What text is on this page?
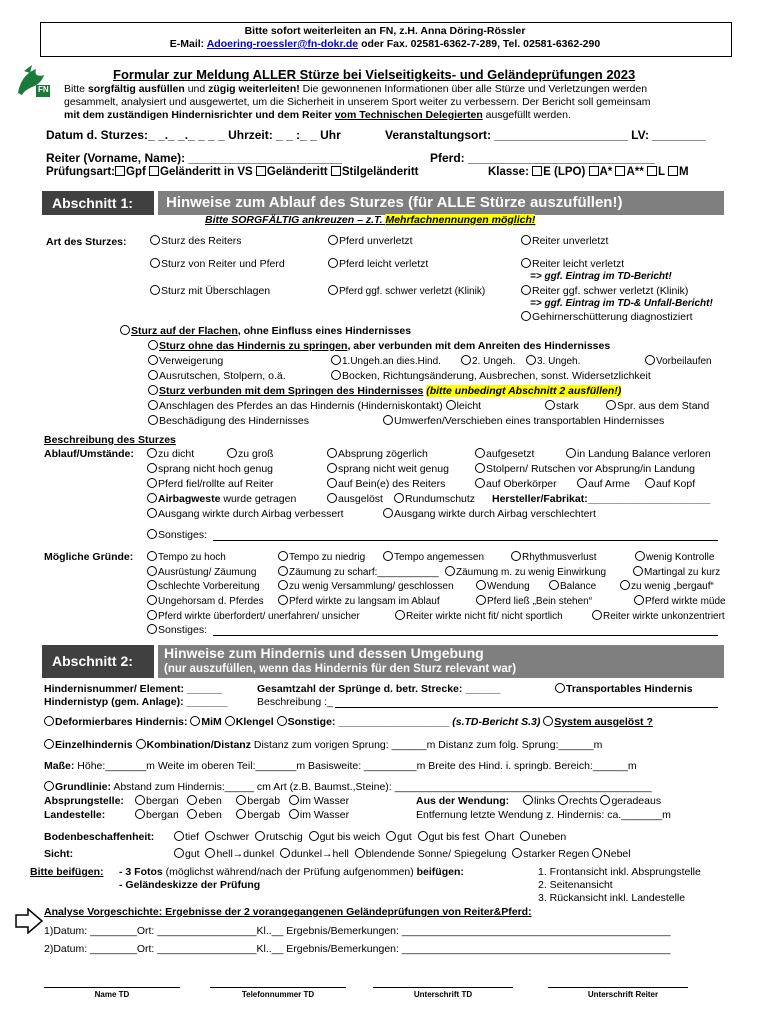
Bitte sofort weiterleiten an FN, z.H. Anna Döring-Rössler
E-Mail: Adoering-roessler@fn-dokr.de oder Fax. 02581-6362-7-289, Tel. 02581-6362-290
FN
Formular zur Meldung ALLER Stürze bei Vielseitigkeits- und Geländeprüfungen 2023
Bitte sorgfältig ausfüllen und zügig weiterleiten! Die gewonnenen Informationen über alle Stürze und Verletzungen werden
gesammelt, analysiert und ausgewertet, um die Sicherheit in unserem Sport weiter zu verbessern. Der Bericht soll gemeinsam
mit dem zuständigen Hindernisrichter und dem Reiter vom Technischen Delegierten ausgefüllt werden.
Datum d. Sturzes:_ _._ _._ _ _ _ Uhrzeit: _ _ :_ _ Uhr	Veranstaltungsort: ____________________ LV: ________
Reiter (Vorname, Name): _______________________	Pferd: ____________________________
Prüfungsart: Gpf Geländeritt in VS Geländeritt Stilgeländeritt	Klasse: E (LPO) A* A** L M
Abschnitt 1:	Hinweise zum Ablauf des Sturzes (für ALLE Stürze auszufüllen!)
Bitte SORGFÄLTIG ankreuzen – z.T. Mehrfachnennungen möglich!
Art des Sturzes:	Sturz des Reiters	Pferd unverletzt	Reiter unverletzt
Sturz von Reiter und Pferd	Pferd leicht verletzt	Reiter leicht verletzt
=> ggf. Eintrag im TD-Bericht!
Sturz mit Überschlagen	Pferd ggf. schwer verletzt (Klinik)	Reiter ggf. schwer verletzt (Klinik)
=> ggf. Eintrag im TD-& Unfall-Bericht!
Gehirnerschütterung diagnostiziert
Sturz auf der Flachen, ohne Einfluss eines Hindernisses
Sturz ohne das Hindernis zu springen, aber verbunden mit dem Anreiten des Hindernisses
Verweigerung	1.Ungeh.an dies.Hind.	2. Ungeh.	3. Ungeh.	Vorbeilaufen
Ausrutschen, Stolpern, o.ä.	Bocken, Richtungsänderung, Ausbrechen, sonst. Widersetzlichkeit
Sturz verbunden mit dem Springen des Hindernisses (bitte unbedingt Abschnitt 2 ausfüllen!)
Anschlagen des Pferdes an das Hindernis (Hinderniskontakt) leicht	stark	Spr. aus dem Stand
Beschädigung des Hindernisses	Umwerfen/Verschieben eines transportablen Hindernisses
Beschreibung des Sturzes
Ablauf/Umstände:	zu dicht	zu groß	Absprung zögerlich	aufgesetzt	in Landung Balance verloren
sprang nicht hoch genug	sprang nicht weit genug	Stolpern/ Rutschen vor Absprung/in Landung
Pferd fiel/rollte auf Reiter	auf Bein(e) des Reiters	auf Oberkörper	auf Arme	auf Kopf
Airbagweste wurde getragen	ausgelöst	Rundumschutz Hersteller/Fabrikat:_____________________
Ausgang wirkte durch Airbag verbessert	Ausgang wirkte durch Airbag verschlechtert
Sonstiges:
Mögliche Gründe:	Tempo zu hoch	Tempo zu niedrig	Tempo angemessen	Rhythmusverlust	wenig Kontrolle
Ausrüstung/ Zäumung	Zäumung zu scharf:___________	Zäumung m. zu wenig Einwirkung	Martingal zu kurz
schlechte Vorbereitung	zu wenig Versammlung/ geschlossen	Wendung	Balance	zu wenig „bergauf“
Ungehorsam d. Pferdes	Pferd wirkte zu langsam im Ablauf	Pferd ließ „Bein stehen“	Pferd wirkte müde
Pferd wirkte überfordert/ unerfahren/ unsicher	Reiter wirkte nicht fit/ nicht sportlich	Reiter wirkte unkonzentriert
Sonstiges:
Abschnitt 2:	Hinweise zum Hindernis und dessen Umgebung
(nur auszufüllen, wenn das Hindernis für den Sturz relevant war)
Hindernisnummer/ Element: ______	Gesamtzahl der Sprünge d. betr. Strecke: ______	Transportables Hindernis
Hindernistyp (gem. Anlage): _______	Beschreibung :_
Deformierbares Hindernis: MiM Klengel Sonstige: ___________________ (s.TD-Bericht S.3) System ausgelöst ?
Einzelhindernis Kombination/Distanz Distanz zum vorigen Sprung: ______m Distanz zum folg. Sprung:______m
Maße: Höhe:_______m Weite im oberen Teil:_______m Basisweite: _________m Breite des Hind. i. springb. Bereich:______m
Grundlinie: Abstand zum Hindernis:_____ cm Art (z.B. Baumst.,Steine): ____________________________________________
Absprungstelle:	bergan eben bergab im Wasser	Aus der Wendung:	links rechts geradeaus
Landestelle:	bergan eben bergab im Wasser	Entfernung letzte Wendung z. Hindernis: ca._______m
Bodenbeschaffenheit:	tief schwer rutschig gut bis weich gut gut bis fest hart uneben
Sicht:	gut hell→dunkel dunkel→hell blendende Sonne/ Spiegelung starker Regen Nebel
Bitte beifügen: - 3 Fotos (möglichst während/nach der Prüfung aufgenommen) beifügen:
- Geländeskizze der Prüfung
1. Frontansicht inkl. Absprungstelle
2. Seitenansicht
3. Rückansicht inkl. Landestelle
Analyse Vorgeschichte: Ergebnisse der 2 vorangegangenen Geländeprüfungen von Reiter&Pferd:
1)Datum: ________Ort: _________________Kl..__ Ergebnis/Bemerkungen: ______________________________________________
2)Datum: ________Ort: _________________Kl..__ Ergebnis/Bemerkungen: ______________________________________________
Name TD	Telefonnummer TD	Unterschrift TD	Unterschrift Reiter
